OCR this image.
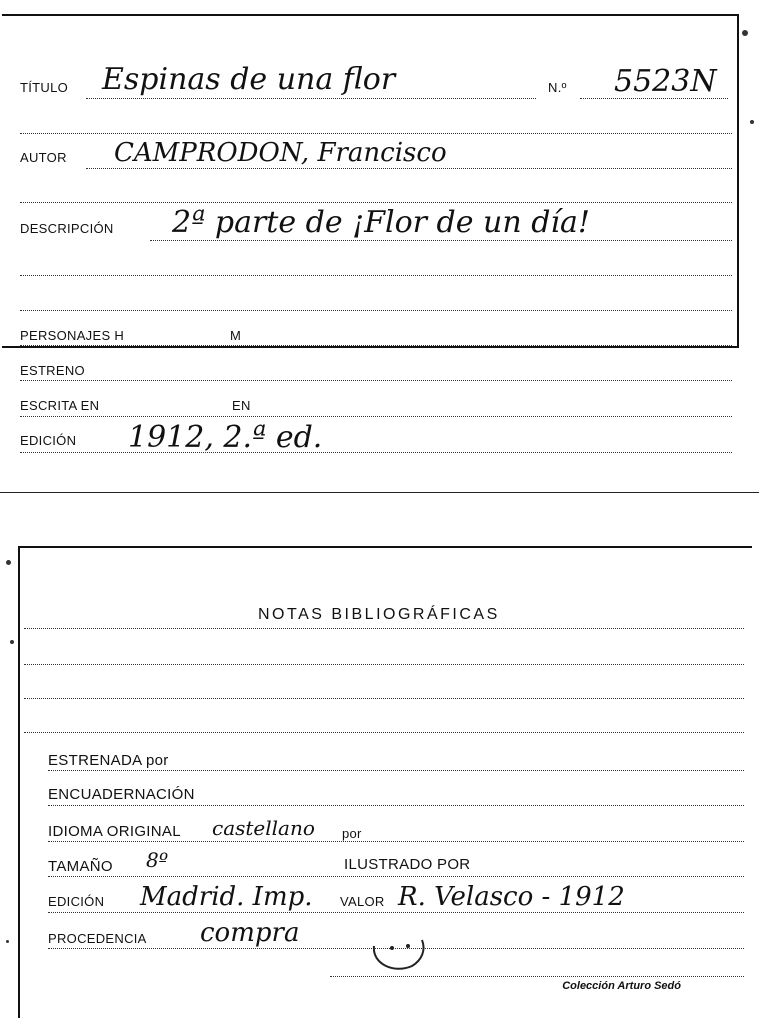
TÍTULO Espinas de una flor	N.º 5523N
AUTOR CAMPRODON, Francisco
DESCRIPCIÓN 2ª parte de ¡Flor de un día!
PERSONAJES H	M
ESTRENO
ESCRITA EN	EN
EDICIÓN 1912, 2.ª ed.
NOTAS BIBLIOGRÁFICAS
ESTRENADA por
ENCUADERNACIÓN
IDIOMA ORIGINAL castellano por
TAMAÑO 8º	ILUSTRADO POR
EDICIÓN Madrid. Imp. VALOR R. Velasco - 1912
PROCEDENCIA compra
Colección Arturo Sedó
